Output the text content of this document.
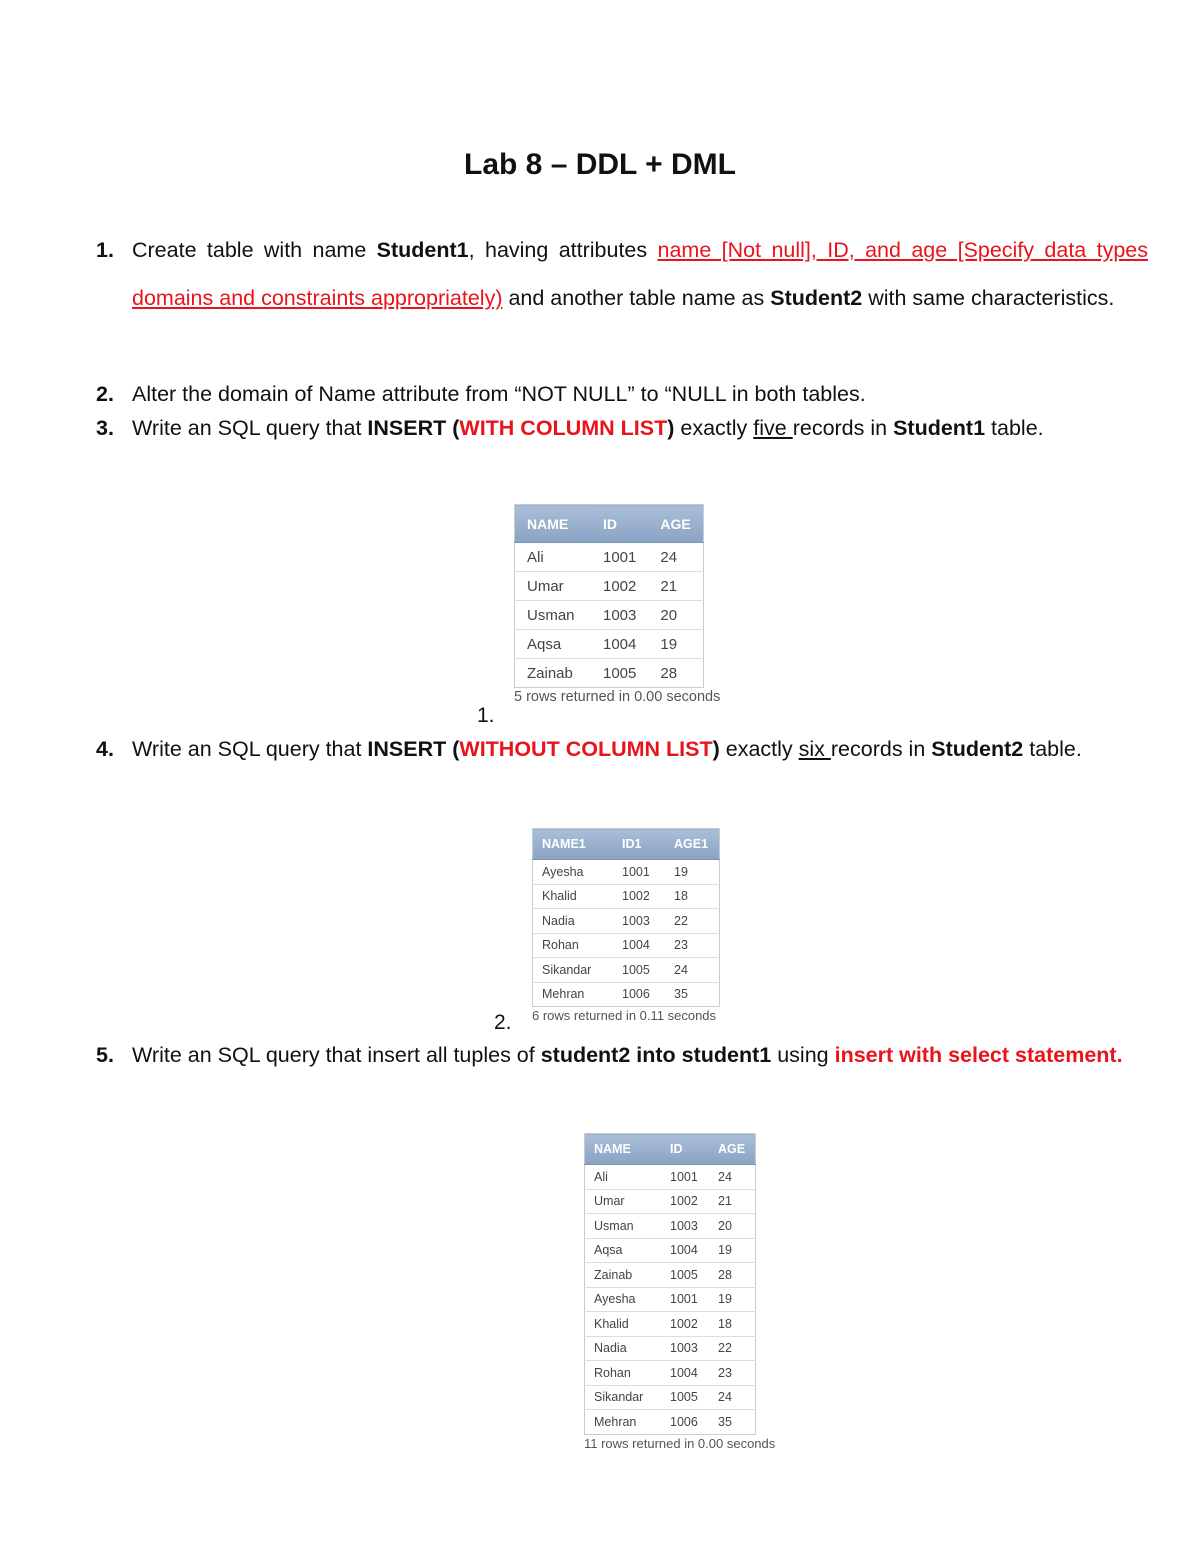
Lab 8 – DDL + DML
1. Create table with name Student1, having attributes name [Not null], ID, and age [Specify data types domains and constraints appropriately) and another table name as Student2 with same characteristics.
2. Alter the domain of Name attribute from “NOT NULL” to “NULL in both tables.
3. Write an SQL query that INSERT (WITH COLUMN LIST) exactly five records in Student1 table.
NAME	ID	AGE
Ali	1001	24
Umar	1002	21
Usman	1003	20
Aqsa	1004	19
Zainab	1005	28
5 rows returned in 0.00 seconds
1.
4. Write an SQL query that INSERT (WITHOUT COLUMN LIST) exactly six records in Student2 table.
NAME1	ID1	AGE1
Ayesha	1001	19
Khalid	1002	18
Nadia	1003	22
Rohan	1004	23
Sikandar	1005	24
Mehran	1006	35
6 rows returned in 0.11 seconds
2.
5. Write an SQL query that insert all tuples of student2 into student1 using insert with select statement.
NAME	ID	AGE
Ali	1001	24
Umar	1002	21
Usman	1003	20
Aqsa	1004	19
Zainab	1005	28
Ayesha	1001	19
Khalid	1002	18
Nadia	1003	22
Rohan	1004	23
Sikandar	1005	24
Mehran	1006	35
11 rows returned in 0.00 seconds
